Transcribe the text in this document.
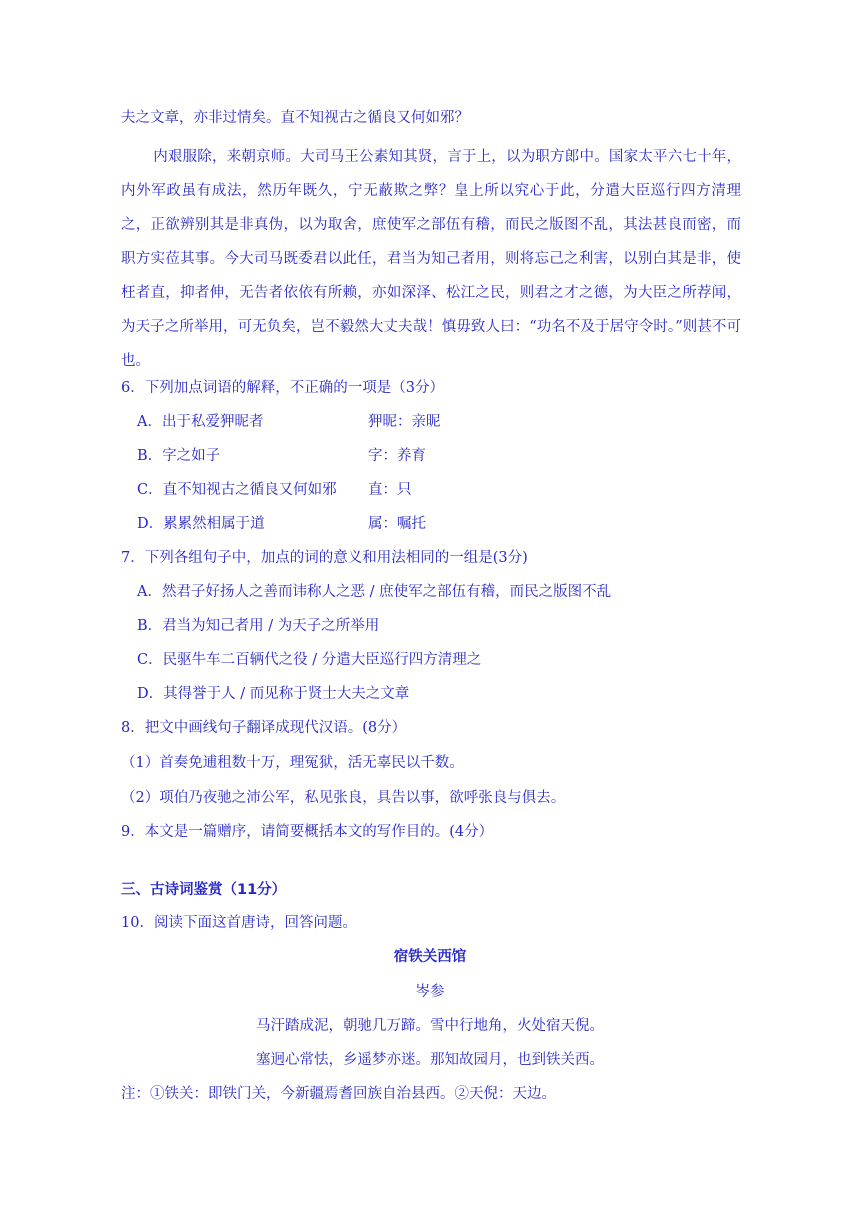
夫之文章，亦非过情矣。直不知视古之循良又何如邪？
内艰服除，来朝京师。大司马王公素知其贤，言于上，以为职方郎中。国家太平六七十年，内外军政虽有成法，然历年既久，宁无蔽欺之弊？皇上所以究心于此，分遣大臣巡行四方清理之，正欲辨别其是非真伪，以为取舍，庶使军之部伍有稽，而民之版图不乱，其法甚良而密，而职方实莅其事。今大司马既委君以此任，君当为知己者用，则将忘己之利害，以别白其是非，使枉者直，抑者伸，无告者依依有所赖，亦如深泽、松江之民，则君之才之德，为大臣之所荐闻，为天子之所举用，可无负矣，岂不毅然大丈夫哉！慎毋致人曰：“功名不及于居守令时。”则甚不可也。
6．下列加点词语的解释，不正确的一项是（3分）
A．出于私爱狎昵者	狎昵：亲昵
B．字之如子	字：养育
C．直不知视古之循良又何如邪 直：只
D．累累然相属于道	属：嘱托
7．下列各组句子中，加点的词的意义和用法相同的一组是(3分)
A．然君子好扬人之善而讳称人之恶 / 庶使军之部伍有稽，而民之版图不乱
B．君当为知己者用 / 为天子之所举用
C．民驱牛车二百辆代之役 / 分遣大臣巡行四方清理之
D．其得誉于人 / 而见称于贤士大夫之文章
8．把文中画线句子翻译成现代汉语。(8分）
（1）首奏免逋租数十万，理冤狱，活无辜民以千数。
（2）项伯乃夜驰之沛公军，私见张良，具告以事，欲呼张良与俱去。
9．本文是一篇赠序，请简要概括本文的写作目的。(4分）
三、古诗词鉴赏（11分）
10．阅读下面这首唐诗，回答问题。
宿铁关西馆
岑参
马汗踏成泥，朝驰几万蹄。雪中行地角，火处宿天倪。
塞迥心常怯，乡遥梦亦迷。那知故园月，也到铁关西。
注：①铁关：即铁门关，今新疆焉耆回族自治县西。②天倪：天边。
